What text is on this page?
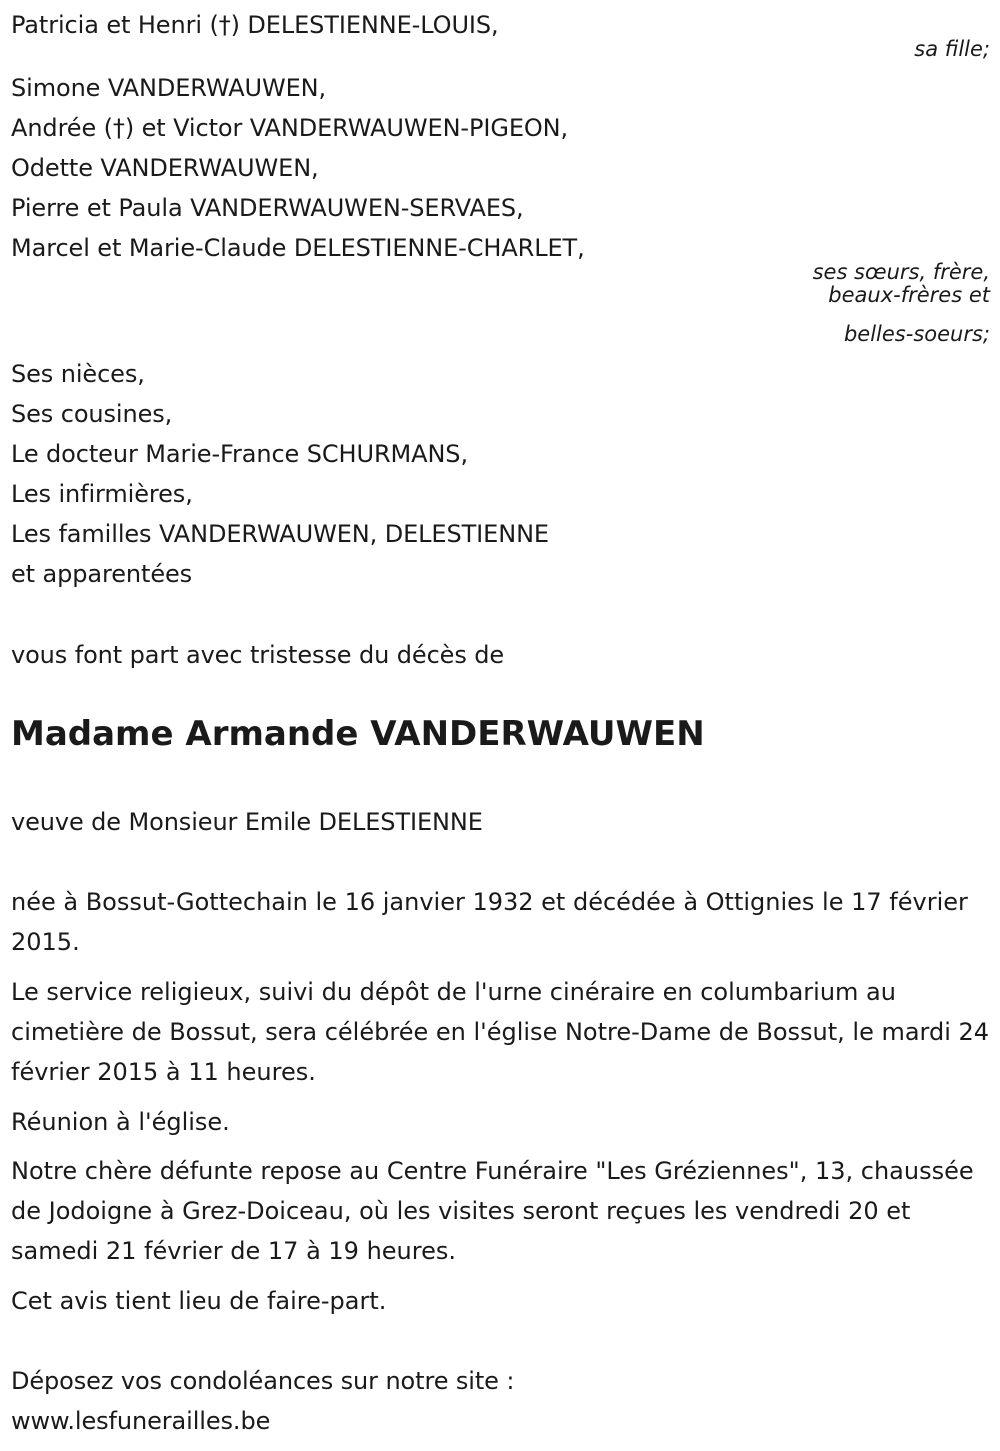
Patricia et Henri (†) DELESTIENNE-LOUIS,
sa fille;
Simone VANDERWAUWEN,
Andrée (†) et Victor VANDERWAUWEN-PIGEON,
Odette VANDERWAUWEN,
Pierre et Paula VANDERWAUWEN-SERVAES,
Marcel et Marie-Claude DELESTIENNE-CHARLET,
ses sœurs, frère,
beaux-frères et
belles-soeurs;
Ses nièces,
Ses cousines,
Le docteur Marie-France SCHURMANS,
Les infirmières,
Les familles VANDERWAUWEN, DELESTIENNE
et apparentées
vous font part avec tristesse du décès de
Madame Armande VANDERWAUWEN
veuve de Monsieur Emile DELESTIENNE
née à Bossut-Gottechain le 16 janvier 1932 et décédée à Ottignies le 17 février 2015.
Le service religieux, suivi du dépôt de l'urne cinéraire en columbarium au cimetière de Bossut, sera célébrée en l'église Notre-Dame de Bossut, le mardi 24 février 2015 à 11 heures.
Réunion à l'église.
Notre chère défunte repose au Centre Funéraire "Les Gréziennes", 13, chaussée de Jodoigne à Grez-Doiceau, où les visites seront reçues les vendredi 20 et samedi 21 février de 17 à 19 heures.
Cet avis tient lieu de faire-part.
Déposez vos condoléances sur notre site :
www.lesfunerailles.be
